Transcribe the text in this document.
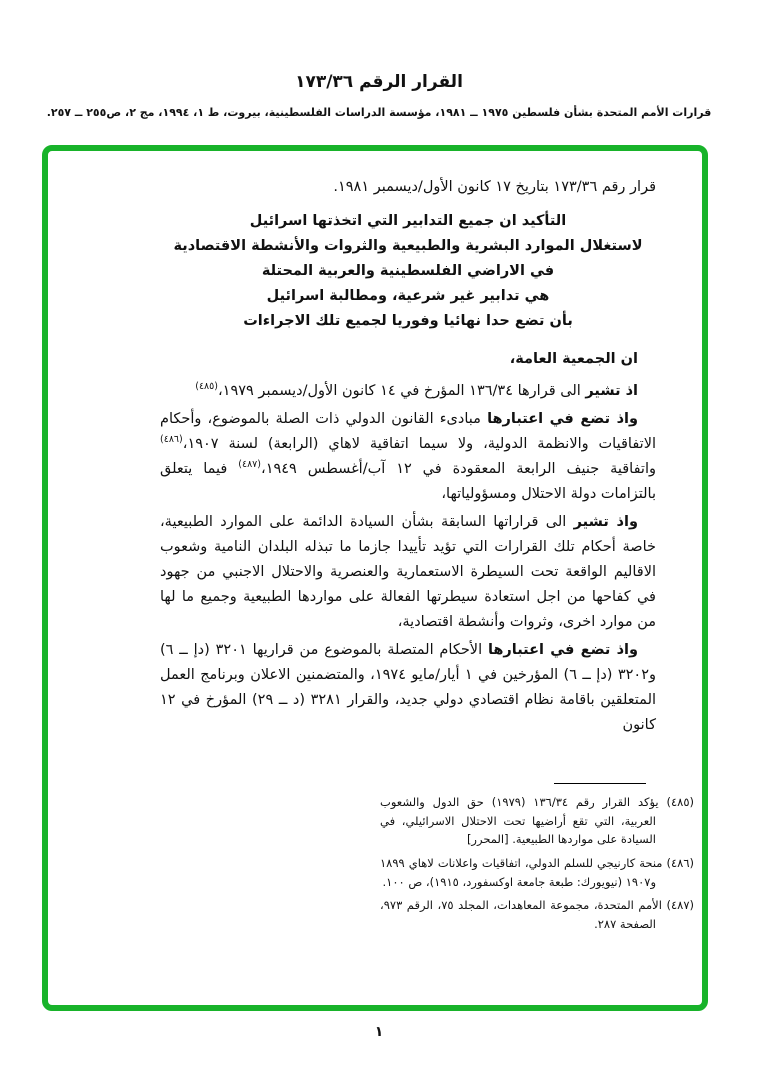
القرار الرقم ١٧٣/٣٦
قرارات الأمم المتحدة بشأن فلسطين ١٩٧٥ ــ ١٩٨١، مؤسسة الدراسات الفلسطينية، بيروت، ط ١، ١٩٩٤، مج ٢، ص٢٥٥ ــ ٢٥٧.

قرار رقم ١٧٣/٣٦ بتاريخ ١٧ كانون الأول/ديسمبر ١٩٨١.

التأكيد ان جميع التدابير التي اتخذتها اسرائيل
لاستغلال الموارد البشرية والطبيعية والثروات والأنشطة الاقتصادية
في الاراضي الفلسطينية والعربية المحتلة
هي تدابير غير شرعية، ومطالبة اسرائيل
بأن تضع حدا نهائيا وفوريا لجميع تلك الاجراءات

ان الجمعية العامة،

اذ تشير الى قرارها ١٣٦/٣٤ المؤرخ في ١٤ كانون الأول/ديسمبر ١٩٧٩،$^{(٤٨٥)}$

واذ تضع في اعتبارها مبادىء القانون الدولي ذات الصلة بالموضوع، وأحكام الاتفاقيات والانظمة الدولية، ولا سيما اتفاقية لاهاي (الرابعة) لسنة ١٩٠٧،$^{(٤٨٦)}$ واتفاقية جنيف الرابعة المعقودة في ١٢ آب/أغسطس ١٩٤٩،$^{(٤٨٧)}$ فيما يتعلق بالتزامات دولة الاحتلال ومسؤولياتها،

واذ تشير الى قراراتها السابقة بشأن السيادة الدائمة على الموارد الطبيعية، خاصة أحكام تلك القرارات التي تؤيد تأييدا جازما ما تبذله البلدان النامية وشعوب الاقاليم الواقعة تحت السيطرة الاستعمارية والعنصرية والاحتلال الاجنبي من جهود في كفاحها من اجل استعادة سيطرتها الفعالة على مواردها الطبيعية وجميع ما لها من موارد اخرى، وثروات وأنشطة اقتصادية،

واذ تضع في اعتبارها الأحكام المتصلة بالموضوع من قراريها ٣٢٠١ (دإ ــ ٦) و٣٢٠٢ (دإ ــ ٦) المؤرخين في ١ أيار/مايو ١٩٧٤، والمتضمنين الاعلان وبرنامج العمل المتعلقين باقامة نظام اقتصادي دولي جديد، والقرار ٣٢٨١ (د ــ ٢٩) المؤرخ في ١٢ كانون

(٤٨٥) يؤكد القرار رقم ١٣٦/٣٤ (١٩٧٩) حق الدول والشعوب العربية، التي تقع أراضيها تحت الاحتلال الاسرائيلي، في السيادة على مواردها الطبيعية. [المحرر]

(٤٨٦) منحة كارنيجي للسلم الدولي، اتفاقيات واعلانات لاهاي ١٨٩٩ و١٩٠٧ (نيويورك: طبعة جامعة اوكسفورد، ١٩١٥)، ص ١٠٠.

(٤٨٧) الأمم المتحدة، مجموعة المعاهدات، المجلد ٧٥، الرقم ٩٧٣، الصفحة ٢٨٧.

١
